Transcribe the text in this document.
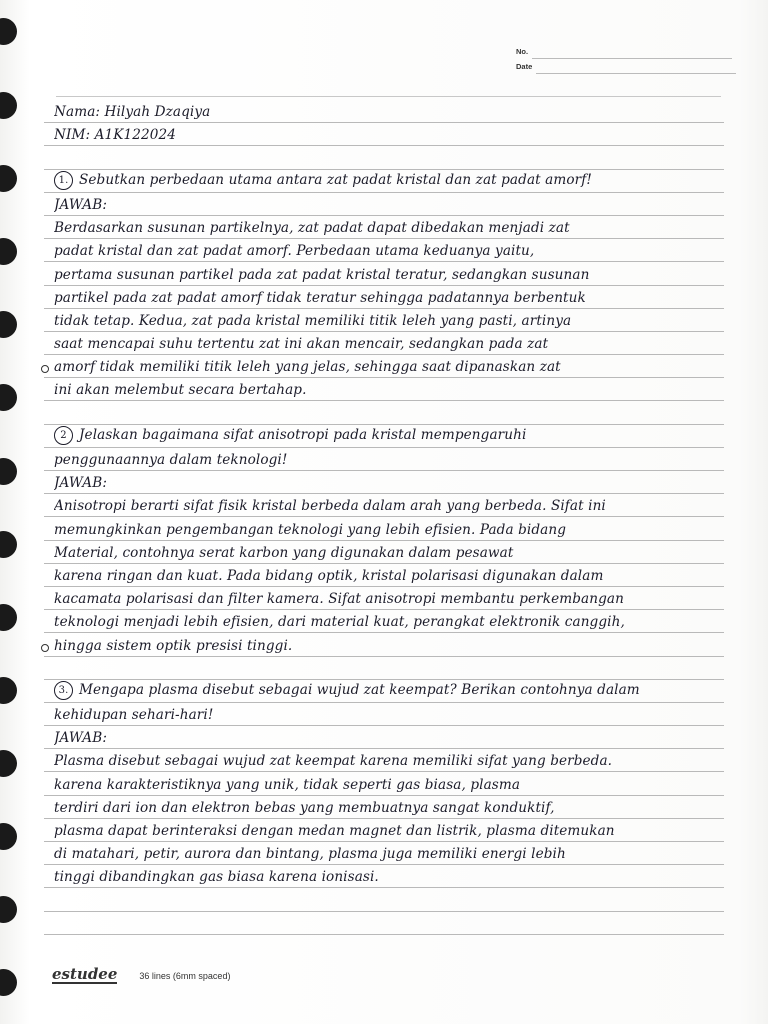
No.
Date
Nama: Hilyah Dzaqiya
NIM: A1K122024
1. Sebutkan perbedaan utama antara zat padat kristal dan zat padat amorf!
JAWAB:
Berdasarkan susunan partikelnya, zat padat dapat dibedakan menjadi zat
padat kristal dan zat padat amorf. Perbedaan utama keduanya yaitu,
pertama susunan partikel pada zat padat kristal teratur, sedangkan susunan
partikel pada zat padat amorf tidak teratur sehingga padatannya berbentuk
tidak tetap. Kedua, zat pada kristal memiliki titik leleh yang pasti, artinya
saat mencapai suhu tertentu zat ini akan mencair, sedangkan pada zat
amorf tidak memiliki titik leleh yang jelas, sehingga saat dipanaskan zat
ini akan melembut secara bertahap.
2 Jelaskan bagaimana sifat anisotropi pada kristal mempengaruhi
penggunaannya dalam teknologi!
JAWAB:
Anisotropi berarti sifat fisik kristal berbeda dalam arah yang berbeda. Sifat ini
memungkinkan pengembangan teknologi yang lebih efisien. Pada bidang
Material, contohnya serat karbon yang digunakan dalam pesawat
karena ringan dan kuat. Pada bidang optik, kristal polarisasi digunakan dalam
kacamata polarisasi dan filter kamera. Sifat anisotropi membantu perkembangan
teknologi menjadi lebih efisien, dari material kuat, perangkat elektronik canggih,
hingga sistem optik presisi tinggi.
3. Mengapa plasma disebut sebagai wujud zat keempat? Berikan contohnya dalam
kehidupan sehari-hari!
JAWAB:
Plasma disebut sebagai wujud zat keempat karena memiliki sifat yang berbeda.
karena karakteristiknya yang unik, tidak seperti gas biasa, plasma
terdiri dari ion dan elektron bebas yang membuatnya sangat konduktif,
plasma dapat berinteraksi dengan medan magnet dan listrik, plasma ditemukan
di matahari, petir, aurora dan bintang, plasma juga memiliki energi lebih
tinggi dibandingkan gas biasa karena ionisasi.
estudee 36 lines (6mm spaced)
